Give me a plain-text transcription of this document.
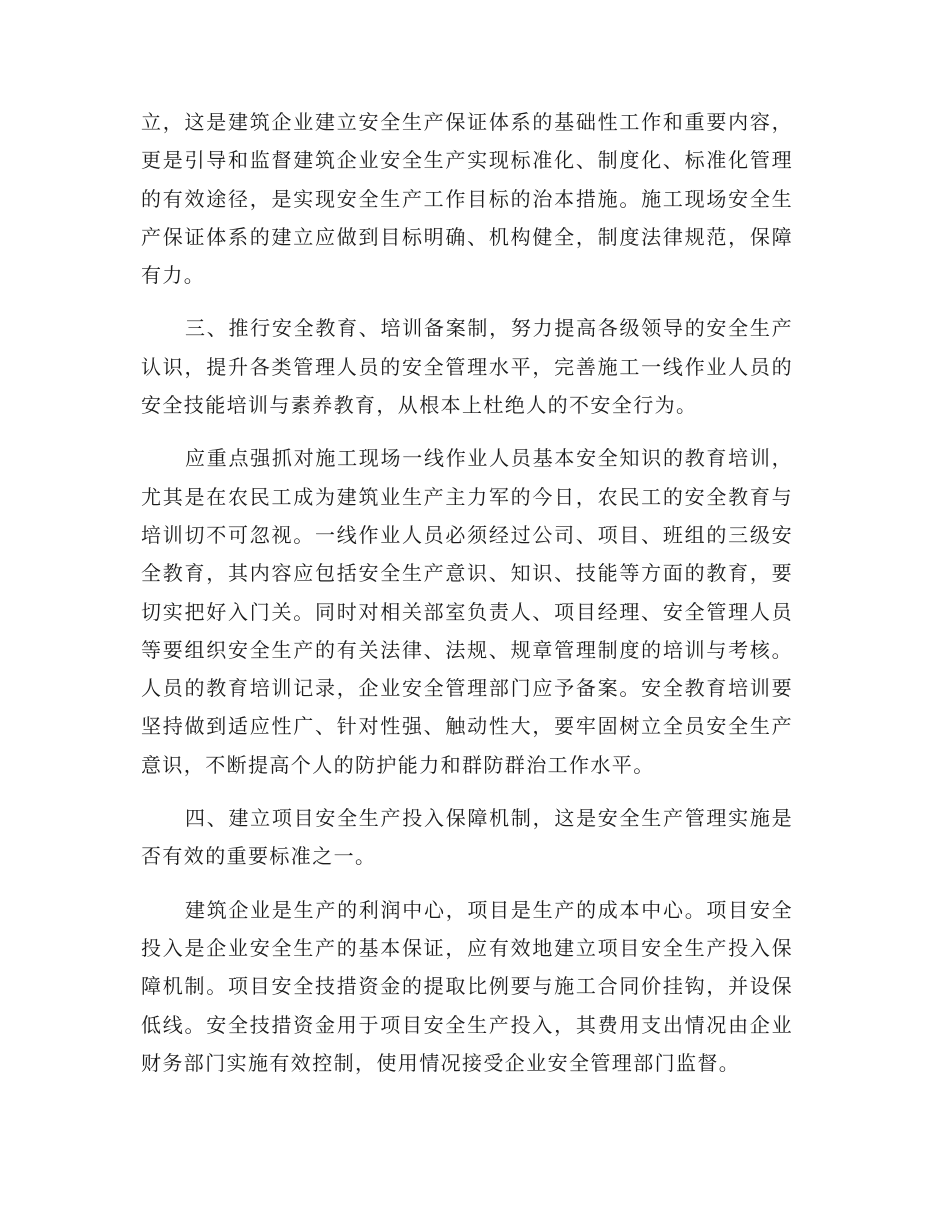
立，这是建筑企业建立安全生产保证体系的基础性工作和重要内容，更是引导和监督建筑企业安全生产实现标准化、制度化、标准化管理的有效途径，是实现安全生产工作目标的治本措施。施工现场安全生产保证体系的建立应做到目标明确、机构健全，制度法律规范，保障有力。

三、推行安全教育、培训备案制，努力提高各级领导的安全生产认识，提升各类管理人员的安全管理水平，完善施工一线作业人员的安全技能培训与素养教育，从根本上杜绝人的不安全行为。

应重点强抓对施工现场一线作业人员基本安全知识的教育培训，尤其是在农民工成为建筑业生产主力军的今日，农民工的安全教育与培训切不可忽视。一线作业人员必须经过公司、项目、班组的三级安全教育，其内容应包括安全生产意识、知识、技能等方面的教育，要切实把好入门关。同时对相关部室负责人、项目经理、安全管理人员等要组织安全生产的有关法律、法规、规章管理制度的培训与考核。人员的教育培训记录，企业安全管理部门应予备案。安全教育培训要坚持做到适应性广、针对性强、触动性大，要牢固树立全员安全生产意识，不断提高个人的防护能力和群防群治工作水平。

四、建立项目安全生产投入保障机制，这是安全生产管理实施是否有效的重要标准之一。

建筑企业是生产的利润中心，项目是生产的成本中心。项目安全投入是企业安全生产的基本保证，应有效地建立项目安全生产投入保障机制。项目安全技措资金的提取比例要与施工合同价挂钩，并设保低线。安全技措资金用于项目安全生产投入，其费用支出情况由企业财务部门实施有效控制，使用情况接受企业安全管理部门监督。
